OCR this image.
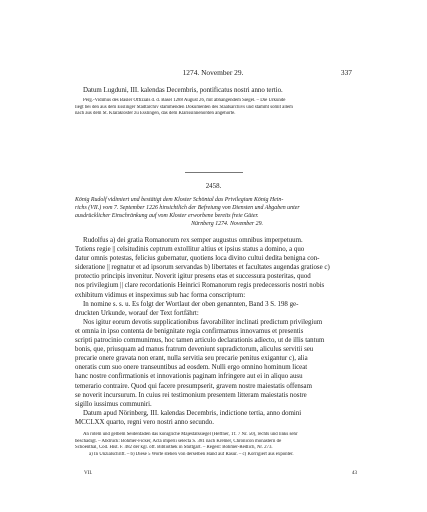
1274. November 29.	337
Datum Lugduni, III. kalendas Decembris, pontificatus nostri anno tertio.
Perg.-Vidimus des Basler Offizials d. d. Basel 1288 August 26, mit abhangendem Siegel. – Die Urkunde
liegt bei den aus dem Esslinger Stadtarchiv stammenden Dokumenten des Staatsarchivs und stammt somit allem
nach aus dem St. Klarakloster zu Esslingen, das dem Klarissinnenorden angehörte.
2458.
König Rudolf vidimiert und bestätigt dem Kloster Schöntal das Privilegium König Hein-
richs (VII.) vom 7. September 1226 hinsichtlich der Befreiung von Diensten und Abgaben unter
ausdrücklicher Einschränkung auf vom Kloster erworbene bereits freie Güter.
Nürnberg 1274. November 29.
Rudolfus a) dei gratia Romanorum rex semper augustus omnibus imperpetuum.
Totiens regie || celsitudinis ceptrum extollitur altius et ipsius status a domino, a quo
datur omnis potestas, felicius gubernatur, quotiens loca divino cultui dedita benigna con-
sideratione || regnatur et ad ipsorum servandas b) libertates et facultates augendas gratiose c)
protectio principis invenitur. Noverit igitur presens etas et successura posteritas, quod
nos privilegium || clare recordationis Heinrici Romanorum regis predecessoris nostri nobis
exhibitum vidimus et inspeximus sub hac forma conscriptum:
In nomine s. s. u. Es folgt der Wortlaut der oben genannten, Band 3 S. 198 ge-
druckten Urkunde, worauf der Text fortfährt:
Nos igitur eorum devotis supplicationibus favorabiliter inclinati predictum privilegium
et omnia in ipso contenta de benignitate regia confirmamus innovamus et presentis
scripti patrocinio communimus, hoc tamen articulo declarationis adiecto, ut de illis tantum
bonis, que, priusquam ad manus fratrum deveniunt supradictorum, aliculus servitii seu
precarie onere gravata non erant, nulla servitia seu precarie penitus exigantur c), alia
oneratis cum suo onere transeuntibus ad eosdem. Nulli ergo omnino hominum liceat
hanc nostre confirmationis et innovationis paginam infringere aut ei in aliquo ausu
temerario contraire. Quod qui facere presumpserit, gravem nostre maiestatis offensam
se noverit incursurum. In cuius rei testimonium presentem litteram maiestatis nostre
sigillo iussimus communiri.
Datum apud Nörinberg, III. kalendas Decembris, indictione tertia, anno domini
MCCLXX quarto, regni vero nostri anno secundo.
An rotem und gelbem Seidenfäden das königliche Majestätssiegel (Heffner, Tf. 7 Nr. 50), rechts und links sehr
beschädigt. – Abdruck: Böhmer-Ficker, Acta imperii selecta S. 381 nach Kremer, Chronicon monasterii de
Schoenthal, Cod. Hist. F. 482 der kgl. öff. Bibliothek in Stuttgart. – Regest: Böhmer-Redlich, Nr. 273.
a) In Unzialschrift. – b) Diese 5 Worte stehen von derselben Hand auf Rasur. – c) Korrigiert aus exponter.
VII.	43
